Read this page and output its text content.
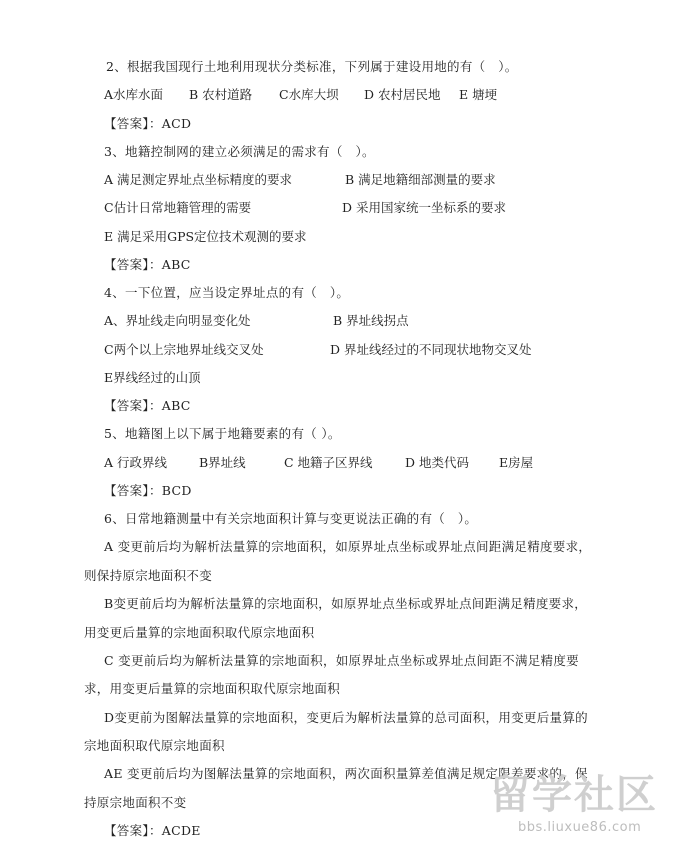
2、根据我国现行土地利用现状分类标准，下列属于建设用地的有（　）。
A水库水面 B 农村道路 C水库大坝 D 农村居民地 E 塘埂
【答案】：ACD
3、地籍控制网的建立必须满足的需求有（　）。
A 满足测定界址点坐标精度的要求	B 满足地籍细部测量的要求
C估计日常地籍管理的需要	D 采用国家统一坐标系的要求
E 满足采用GPS定位技术观测的要求
【答案】：ABC
4、一下位置，应当设定界址点的有（　）。
A、界址线走向明显变化处	B 界址线拐点
C两个以上宗地界址线交叉处	D 界址线经过的不同现状地物交叉处
E界线经过的山顶
【答案】：ABC
5、地籍图上以下属于地籍要素的有（ ）。
A 行政界线	B界址线	C 地籍子区界线	D 地类代码 E房屋
【答案】：BCD
6、日常地籍测量中有关宗地面积计算与变更说法正确的有（　）。
A 变更前后均为解析法量算的宗地面积，如原界址点坐标或界址点间距满足精度要求，
则保持原宗地面积不变
B变更前后均为解析法量算的宗地面积，如原界址点坐标或界址点间距满足精度要求，
用变更后量算的宗地面积取代原宗地面积
C 变更前后均为解析法量算的宗地面积，如原界址点坐标或界址点间距不满足精度要
求，用变更后量算的宗地面积取代原宗地面积
D变更前为图解法量算的宗地面积，变更后为解析法量算的总司面积，用变更后量算的
宗地面积取代原宗地面积
AE 变更前后均为图解法量算的宗地面积，两次面积量算差值满足规定限差要求的，保
持原宗地面积不变
【答案】：ACDE
留学社区
bbs.liuxue86.com
